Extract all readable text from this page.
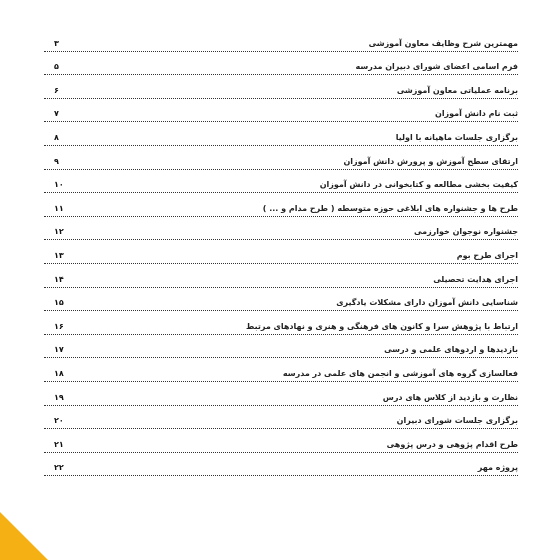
مهمترین شرح وظایف معاون آموزشی
۳
فرم اسامی اعضای شورای دبیران مدرسه
۵
برنامه عملیاتی معاون آموزشی
۶
ثبت نام دانش آموزان
۷
برگزاری جلسات ماهیانه با اولیا
۸
ارتقای سطح آموزش و پرورش دانش آموزان
۹
کیفیت بخشی مطالعه و کتابخوانی در دانش آموزان
۱۰
طرح ها و جشنواره های ابلاغی حوزه متوسطه ( طرح مدام و ... )
۱۱
جشنواره نوجوان خوارزمی
۱۲
اجرای طرح بوم
۱۳
اجرای هدایت تحصیلی
۱۴
شناسایی دانش آموزان دارای مشکلات یادگیری
۱۵
ارتباط با پژوهش سرا و کانون های فرهنگی و هنری و نهادهای مرتبط
۱۶
بازدیدها و اردوهای علمی و درسی
۱۷
فعالسازی گروه های آموزشی و انجمن های علمی در مدرسه
۱۸
نظارت و بازدید از کلاس های درس
۱۹
برگزاری جلسات شورای دبیران
۲۰
طرح اقدام پژوهی و درس پژوهی
۲۱
پروژه مهر
۲۲
